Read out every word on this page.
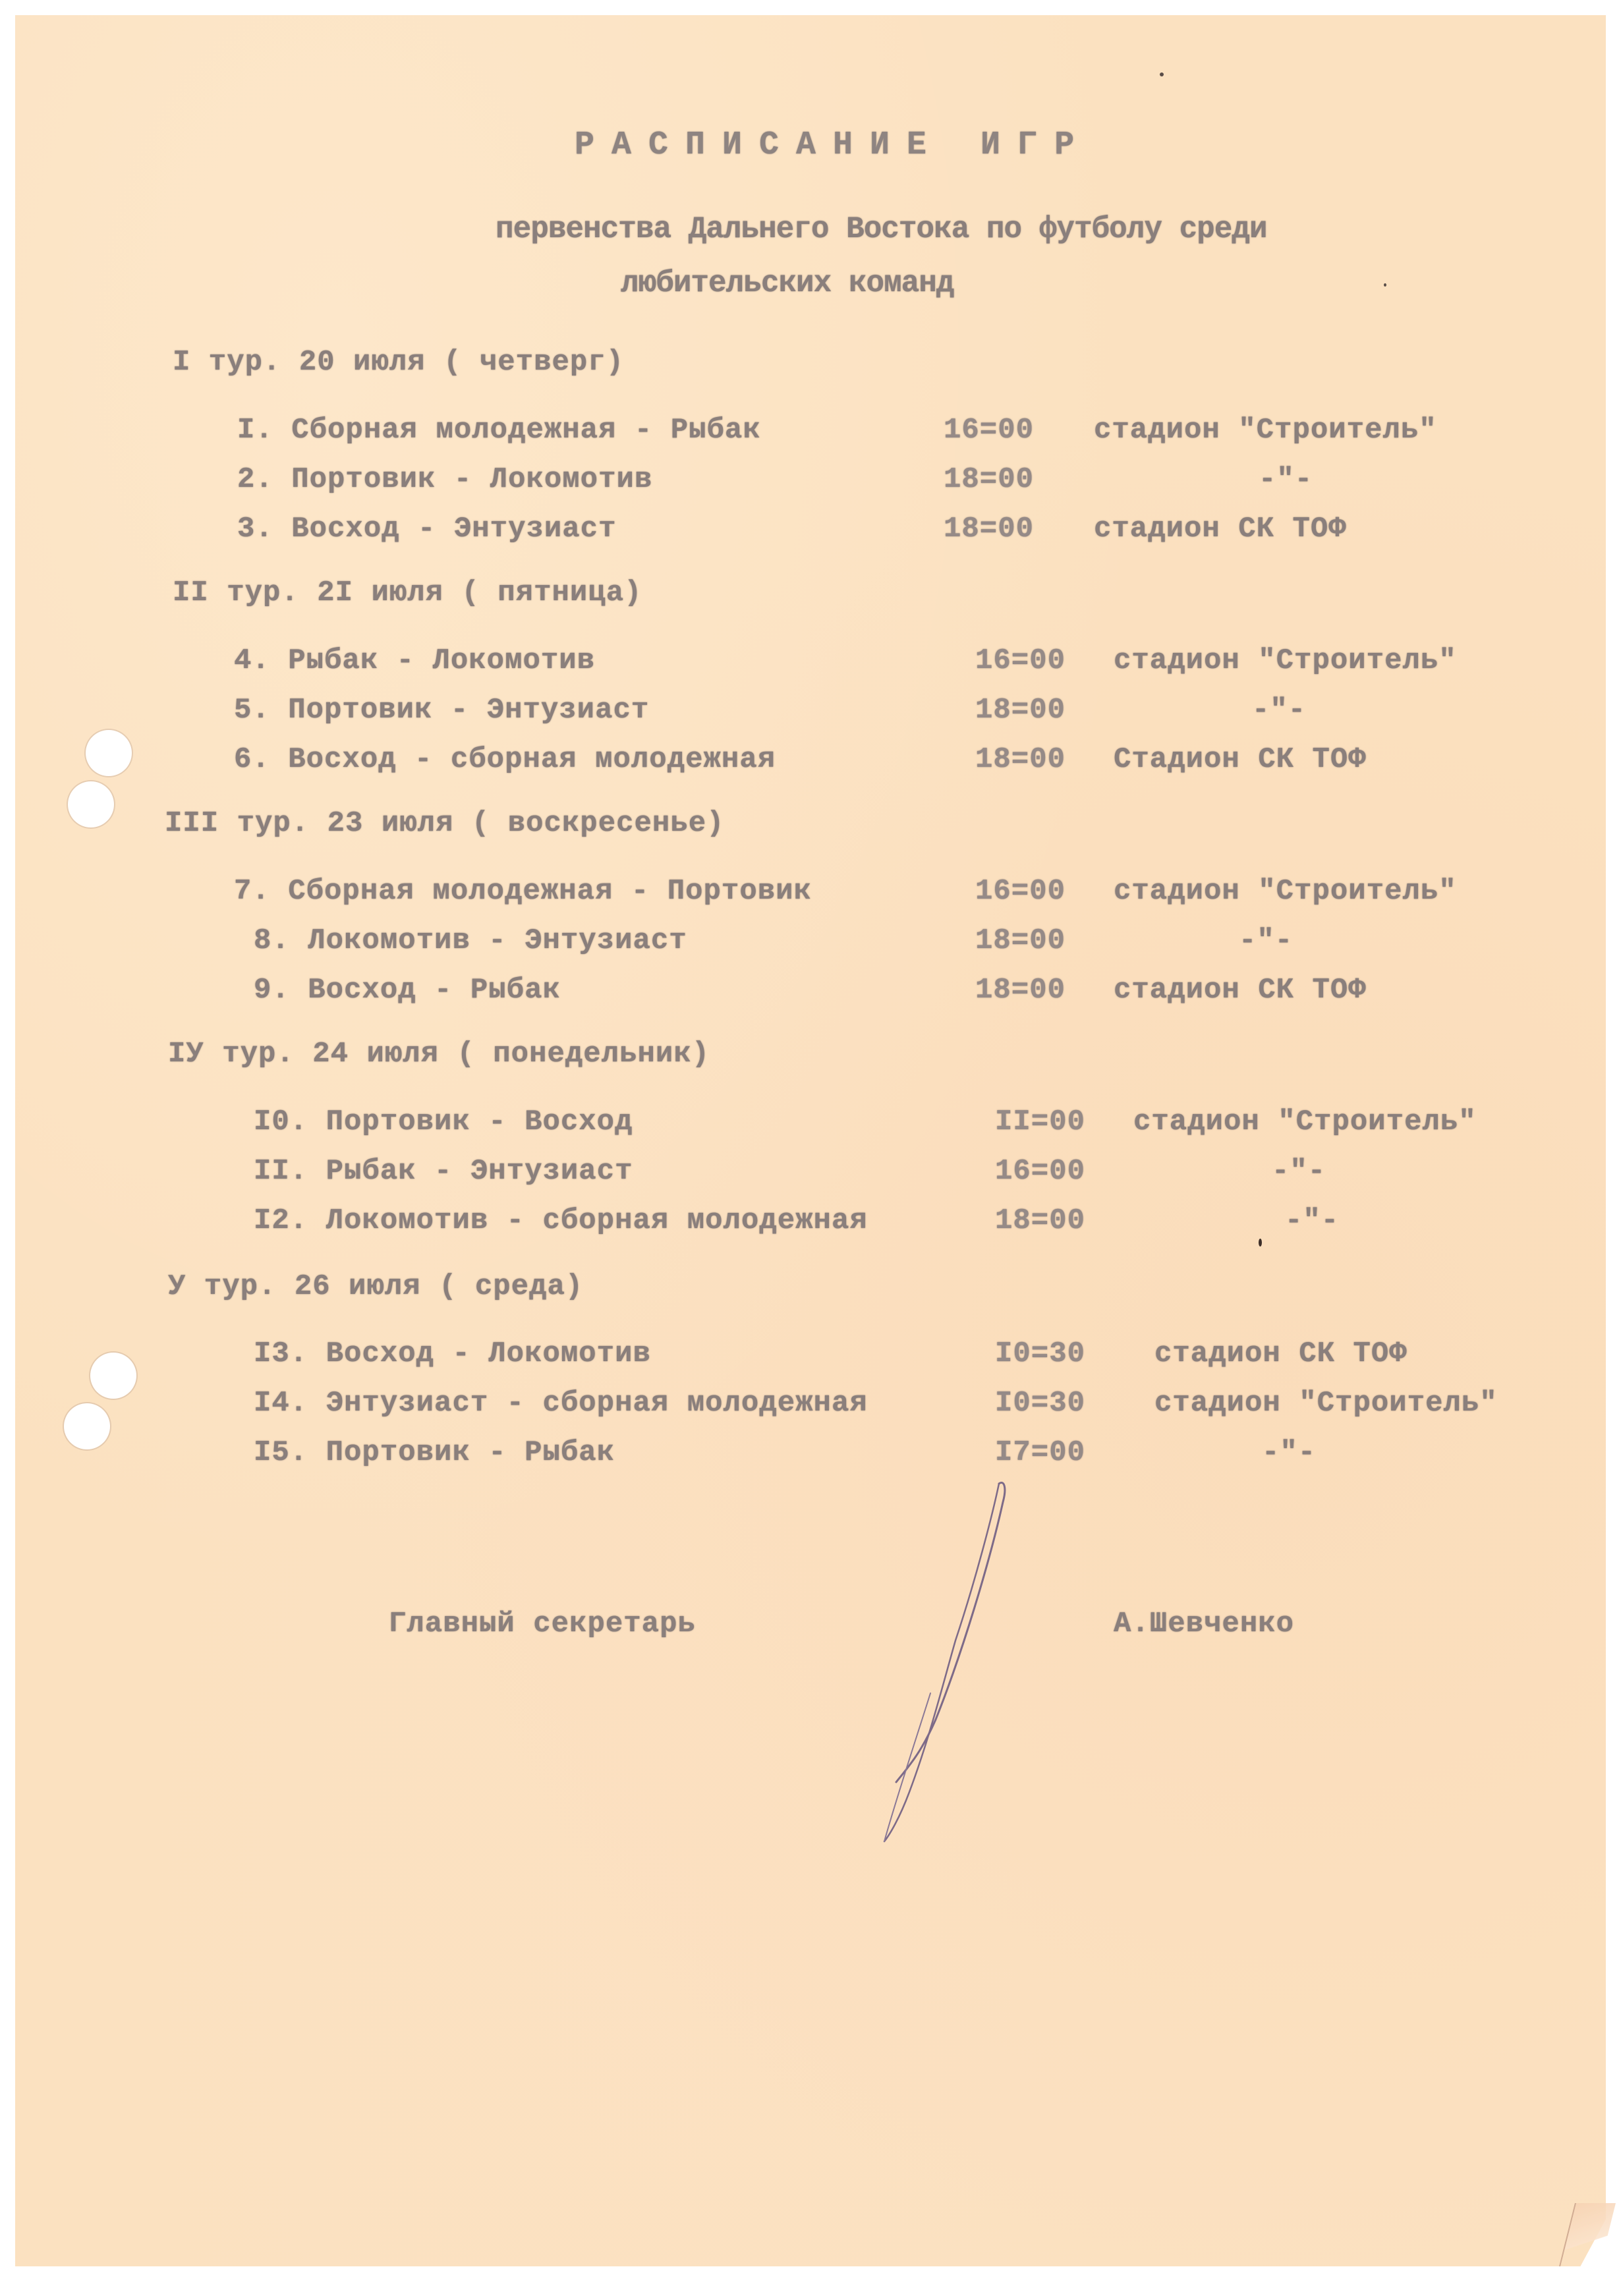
РАСПИСАНИЕ ИГР
первенства Дальнего Востока по футболу среди
любительских команд
I тур. 20 июля ( четверг)
I. Сборная молодежная - Рыбак	16=00 стадион "Строитель"
2. Портовик - Локомотив	18=00	-"-
3. Восход - Энтузиаст	18=00 стадион СК ТОФ
II тур. 2I июля ( пятница)
4. Рыбак - Локомотив	16=00 стадион "Строитель"
5. Портовик - Энтузиаст	18=00	-"-
6. Восход - сборная молодежная	18=00 Стадион СК ТОФ
III тур. 23 июля ( воскресенье)
7. Сборная молодежная - Портовик	16=00 стадион "Строитель"
8. Локомотив - Энтузиаст	18=00	-"-
9. Восход - Рыбак	18=00 стадион СК ТОФ
IУ тур. 24 июля ( понедельник)
I0. Портовик - Восход	II=00 стадион "Строитель"
II. Рыбак - Энтузиаст	16=00	-"-
I2. Локомотив - сборная молодежная	18=00	-"-
У тур. 26 июля ( среда)
I3. Восход - Локомотив	I0=30 стадион СК ТОФ
I4. Энтузиаст - сборная молодежная	I0=30 стадион "Строитель"
I5. Портовик - Рыбак	I7=00	-"-
Главный секретарь	А.Шевченко
